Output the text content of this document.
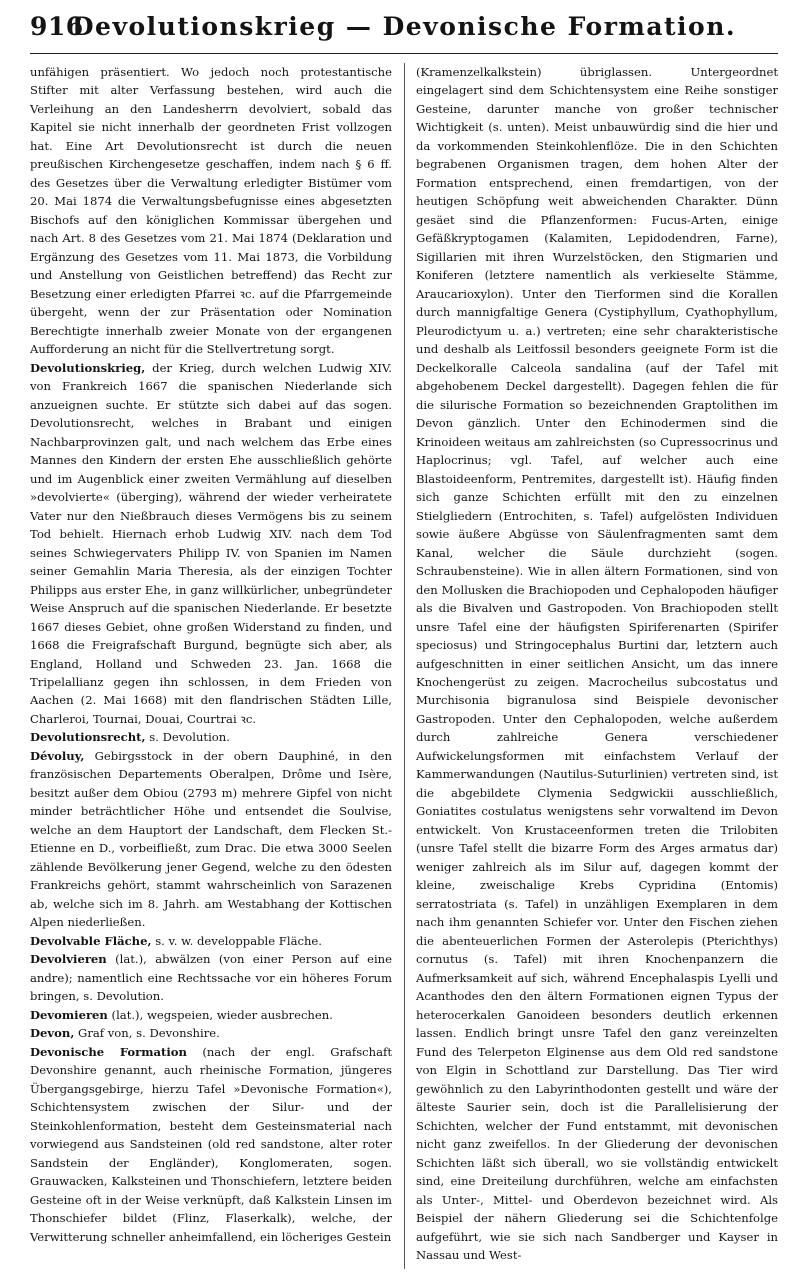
916
Devolutionskrieg — Devonische Formation.

unfähigen präsentiert. Wo jedoch noch protestantische Stifter mit alter Verfassung bestehen, wird auch die Verleihung an den Landesherrn devolviert, sobald das Kapitel sie nicht innerhalb der geordneten Frist vollzogen hat. Eine Art Devolutionsrecht ist durch die neuen preußischen Kirchengesetze geschaffen, indem nach § 6 ff. des Gesetzes über die Verwaltung erledigter Bistümer vom 20. Mai 1874 die Verwaltungsbefugnisse eines abgesetzten Bischofs auf den königlichen Kommissar übergehen und nach Art. 8 des Gesetzes vom 21. Mai 1874 (Deklaration und Ergänzung des Gesetzes vom 11. Mai 1873, die Vorbildung und Anstellung von Geistlichen betreffend) das Recht zur Besetzung einer erledigten Pfarrei ꝛc. auf die Pfarrgemeinde übergeht, wenn der zur Präsentation oder Nomination Berechtigte innerhalb zweier Monate von der ergangenen Aufforderung an nicht für die Stellvertretung sorgt.

Devolutionskrieg, der Krieg, durch welchen Ludwig XIV. von Frankreich 1667 die spanischen Niederlande sich anzueignen suchte. Er stützte sich dabei auf das sogen. Devolutionsrecht, welches in Brabant und einigen Nachbarprovinzen galt, und nach welchem das Erbe eines Mannes den Kindern der ersten Ehe ausschließlich gehörte und im Augenblick einer zweiten Vermählung auf dieselben »devolvierte« (überging), während der wieder verheiratete Vater nur den Nießbrauch dieses Vermögens bis zu seinem Tod behielt. Hiernach erhob Ludwig XIV. nach dem Tod seines Schwiegervaters Philipp IV. von Spanien im Namen seiner Gemahlin Maria Theresia, als der einzigen Tochter Philipps aus erster Ehe, in ganz willkürlicher, unbegründeter Weise Anspruch auf die spanischen Niederlande. Er besetzte 1667 dieses Gebiet, ohne großen Widerstand zu finden, und 1668 die Freigrafschaft Burgund, begnügte sich aber, als England, Holland und Schweden 23. Jan. 1668 die Tripelallianz gegen ihn schlossen, in dem Frieden von Aachen (2. Mai 1668) mit den flandrischen Städten Lille, Charleroi, Tournai, Douai, Courtrai ꝛc.

Devolutionsrecht, s. Devolution.

Dévoluy, Gebirgsstock in der obern Dauphiné, in den französischen Departements Oberalpen, Drôme und Isère, besitzt außer dem Obiou (2793 m) mehrere Gipfel von nicht minder beträchtlicher Höhe und entsendet die Soulvise, welche an dem Hauptort der Landschaft, dem Flecken St.-Etienne en D., vorbeifließt, zum Drac. Die etwa 3000 Seelen zählende Bevölkerung jener Gegend, welche zu den ödesten Frankreichs gehört, stammt wahrscheinlich von Sarazenen ab, welche sich im 8. Jahrh. am Westabhang der Kottischen Alpen niederließen.

Devolvable Fläche, s. v. w. developpable Fläche.

Devolvieren (lat.), abwälzen (von einer Person auf eine andre); namentlich eine Rechtssache vor ein höheres Forum bringen, s. Devolution.

Devomieren (lat.), wegspeien, wieder ausbrechen.

Devon, Graf von, s. Devonshire.

Devonische Formation (nach der engl. Grafschaft Devonshire genannt, auch rheinische Formation, jüngeres Übergangsgebirge, hierzu Tafel »Devonische Formation«), Schichtensystem zwischen der Silur- und der Steinkohlenformation, besteht dem Gesteinsmaterial nach vorwiegend aus Sandsteinen (old red sandstone, alter roter Sandstein der Engländer), Konglomeraten, sogen. Grauwacken, Kalksteinen und Thonschiefern, letztere beiden Gesteine oft in der Weise verknüpft, daß Kalkstein Linsen im Thonschiefer bildet (Flinz, Flaserkalk), welche, der Verwitterung schneller anheimfallend, ein löcheriges Gestein

(Kramenzelkalkstein) übriglassen. Untergeordnet eingelagert sind dem Schichtensystem eine Reihe sonstiger Gesteine, darunter manche von großer technischer Wichtigkeit (s. unten). Meist unbauwürdig sind die hier und da vorkommenden Steinkohlenflöze. Die in den Schichten begrabenen Organismen tragen, dem hohen Alter der Formation entsprechend, einen fremdartigen, von der heutigen Schöpfung weit abweichenden Charakter. Dünn gesäet sind die Pflanzenformen: Fucus-Arten, einige Gefäßkryptogamen (Kalamiten, Lepidodendren, Farne), Sigillarien mit ihren Wurzelstöcken, den Stigmarien und Koniferen (letztere namentlich als verkieselte Stämme, Araucarioxylon). Unter den Tierformen sind die Korallen durch mannigfaltige Genera (Cystiphyllum, Cyathophyllum, Pleurodictyum u. a.) vertreten; eine sehr charakteristische und deshalb als Leitfossil besonders geeignete Form ist die Deckelkoralle Calceola sandalina (auf der Tafel mit abgehobenem Deckel dargestellt). Dagegen fehlen die für die silurische Formation so bezeichnenden Graptolithen im Devon gänzlich. Unter den Echinodermen sind die Krinoideen weitaus am zahlreichsten (so Cupressocrinus und Haplocrinus; vgl. Tafel, auf welcher auch eine Blastoideenform, Pentremites, dargestellt ist). Häufig finden sich ganze Schichten erfüllt mit den zu einzelnen Stielgliedern (Entrochiten, s. Tafel) aufgelösten Individuen sowie äußere Abgüsse von Säulenfragmenten samt dem Kanal, welcher die Säule durchzieht (sogen. Schraubensteine). Wie in allen ältern Formationen, sind von den Mollusken die Brachiopoden und Cephalopoden häufiger als die Bivalven und Gastropoden. Von Brachiopoden stellt unsre Tafel eine der häufigsten Spiriferenarten (Spirifer speciosus) und Stringocephalus Burtini dar, letztern auch aufgeschnitten in einer seitlichen Ansicht, um das innere Knochengerüst zu zeigen. Macrocheilus subcostatus und Murchisonia bigranulosa sind Beispiele devonischer Gastropoden. Unter den Cephalopoden, welche außerdem durch zahlreiche Genera verschiedener Aufwickelungsformen mit einfachstem Verlauf der Kammerwandungen (Nautilus-Suturlinien) vertreten sind, ist die abgebildete Clymenia Sedgwickii ausschließlich, Goniatites costulatus wenigstens sehr vorwaltend im Devon entwickelt. Von Krustaceenformen treten die Trilobiten (unsre Tafel stellt die bizarre Form des Arges armatus dar) weniger zahlreich als im Silur auf, dagegen kommt der kleine, zweischalige Krebs Cypridina (Entomis) serratostriata (s. Tafel) in unzähligen Exemplaren in dem nach ihm genannten Schiefer vor. Unter den Fischen ziehen die abenteuerlichen Formen der Asterolepis (Pterichthys) cornutus (s. Tafel) mit ihren Knochenpanzern die Aufmerksamkeit auf sich, während Encephalaspis Lyelli und Acanthodes den den ältern Formationen eignen Typus der heterocerkalen Ganoideen besonders deutlich erkennen lassen. Endlich bringt unsre Tafel den ganz vereinzelten Fund des Telerpeton Elginense aus dem Old red sandstone von Elgin in Schottland zur Darstellung. Das Tier wird gewöhnlich zu den Labyrinthodonten gestellt und wäre der älteste Saurier sein, doch ist die Parallelisierung der Schichten, welcher der Fund entstammt, mit devonischen nicht ganz zweifellos. In der Gliederung der devonischen Schichten läßt sich überall, wo sie vollständig entwickelt sind, eine Dreiteilung durchführen, welche am einfachsten als Unter-, Mittel- und Oberdevon bezeichnet wird. Als Beispiel der nähern Gliederung sei die Schichtenfolge aufgeführt, wie sie sich nach Sandberger und Kayser in Nassau und West-
